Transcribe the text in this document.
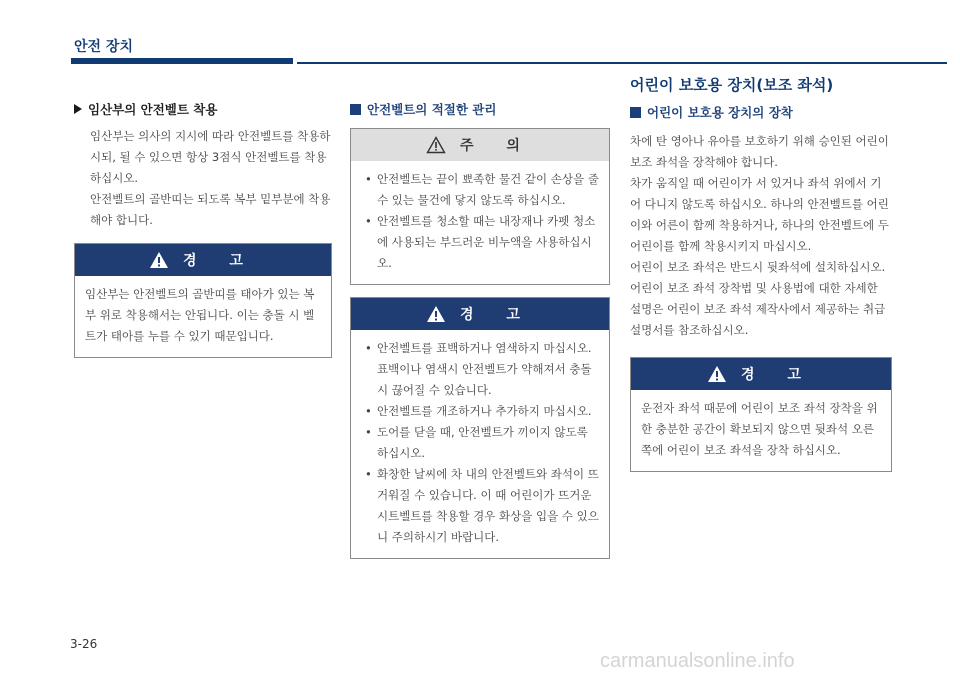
안전 장치
임산부의 안전벨트 착용

임산부는 의사의 지시에 따라 안전벨트를 착용하시되, 될 수 있으면 항상 3점식 안전벨트를 착용하십시오.

안전벨트의 골반띠는 되도록 복부 밑부분에 착용해야 합니다.

경 고

임산부는 안전벨트의 골반띠를 태아가 있는 복부 위로 착용해서는 안됩니다. 이는 충돌 시 벨트가 태아를 누를 수 있기 때문입니다.

안전벨트의 적절한 관리
주 의
• 안전벨트는 끝이 뾰족한 물건 같이 손상을 줄 수 있는 물건에 닿지 않도록 하십시오.
• 안전벨트를 청소할 때는 내장재나 카펫 청소에 사용되는 부드러운 비누액을 사용하십시오.
경 고
• 안전벨트를 표백하거나 염색하지 마십시오. 표백이나 염색시 안전벨트가 약해져서 충돌 시 끊어질 수 있습니다.
• 안전벨트를 개조하거나 추가하지 마십시오.
• 도어를 닫을 때, 안전벨트가 끼이지 않도록 하십시오.
• 화창한 날씨에 차 내의 안전벨트와 좌석이 뜨거워질 수 있습니다. 이 때 어린이가 뜨거운 시트벨트를 착용할 경우 화상을 입을 수 있으니 주의하시기 바랍니다.
어린이 보호용 장치(보조 좌석)
어린이 보호용 장치의 장착

차에 탄 영아나 유아를 보호하기 위해 승인된 어린이 보조 좌석을 장착해야 합니다.

차가 움직일 때 어린이가 서 있거나 좌석 위에서 기어 다니지 않도록 하십시오. 하나의 안전벨트를 어린이와 어른이 함께 착용하거나, 하나의 안전벨트에 두 어린이를 함께 착용시키지 마십시오.

어린이 보조 좌석은 반드시 뒷좌석에 설치하십시오. 어린이 보조 좌석 장착법 및 사용법에 대한 자세한 설명은 어린이 보조 좌석 제작사에서 제공하는 취급 설명서를 참조하십시오.

경 고

운전자 좌석 때문에 어린이 보조 좌석 장착을 위한 충분한 공간이 확보되지 않으면 뒷좌석 오른쪽에 어린이 보조 좌석을 장착 하십시오.

3-26
carmanualsonline.info
